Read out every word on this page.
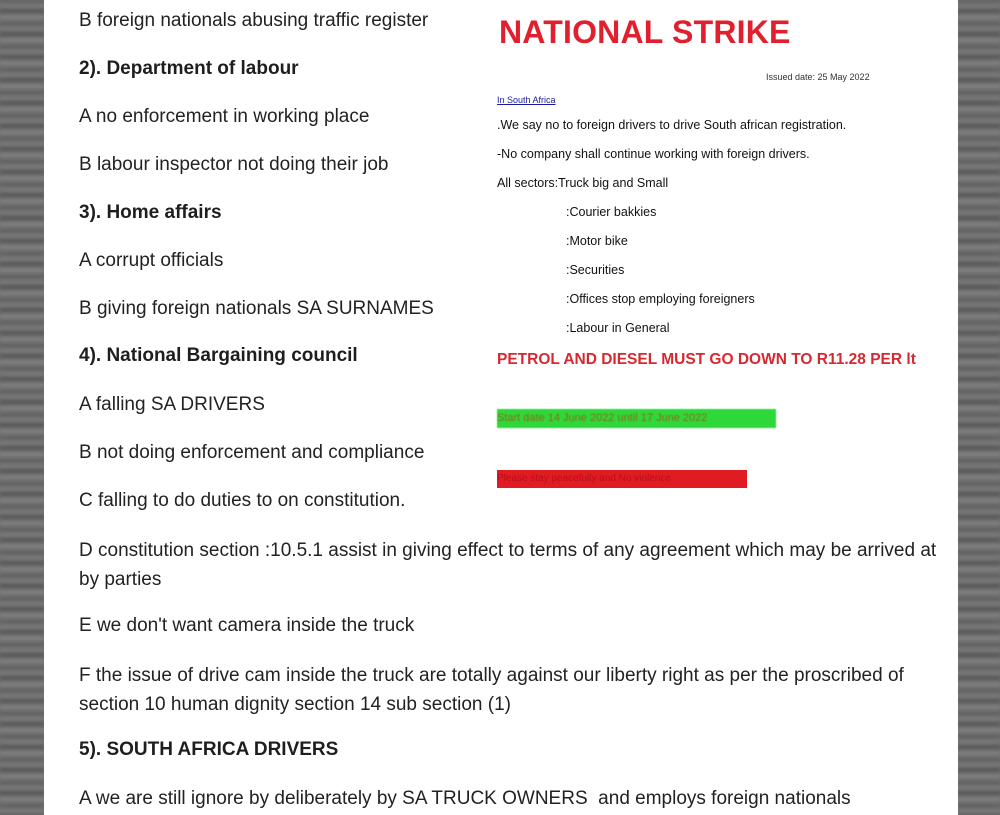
B foreign nationals abusing traffic register
2). Department of labour
A no enforcement in working place
B labour inspector not doing their job
3). Home affairs
A corrupt officials
B giving foreign nationals SA SURNAMES
4). National Bargaining council
A falling SA DRIVERS
B not doing enforcement and compliance
C falling to do duties to on constitution.
NATIONAL STRIKE
Issued date: 25 May 2022
In South Africa
.We say no to foreign drivers to drive South african registration.
-No company shall continue working with foreign drivers.
All sectors:Truck big and Small
:Courier bakkies
:Motor bike
:Securities
:Offices stop employing foreigners
:Labour in General
PETROL AND DIESEL MUST GO DOWN TO R11.28 PER lt
Start date 14 June 2022 until 17 June 2022
Please stay peacefully and No violence
D constitution section :10.5.1 assist in giving effect to terms of any agreement which may be arrived at by parties
E we don't want camera inside the truck
F the issue of drive cam inside the truck are totally against our liberty right as per the proscribed of section 10 human dignity section 14 sub section (1)
5). SOUTH AFRICA DRIVERS
A we are still ignore by deliberately by SA TRUCK OWNERS  and employs foreign nationals
